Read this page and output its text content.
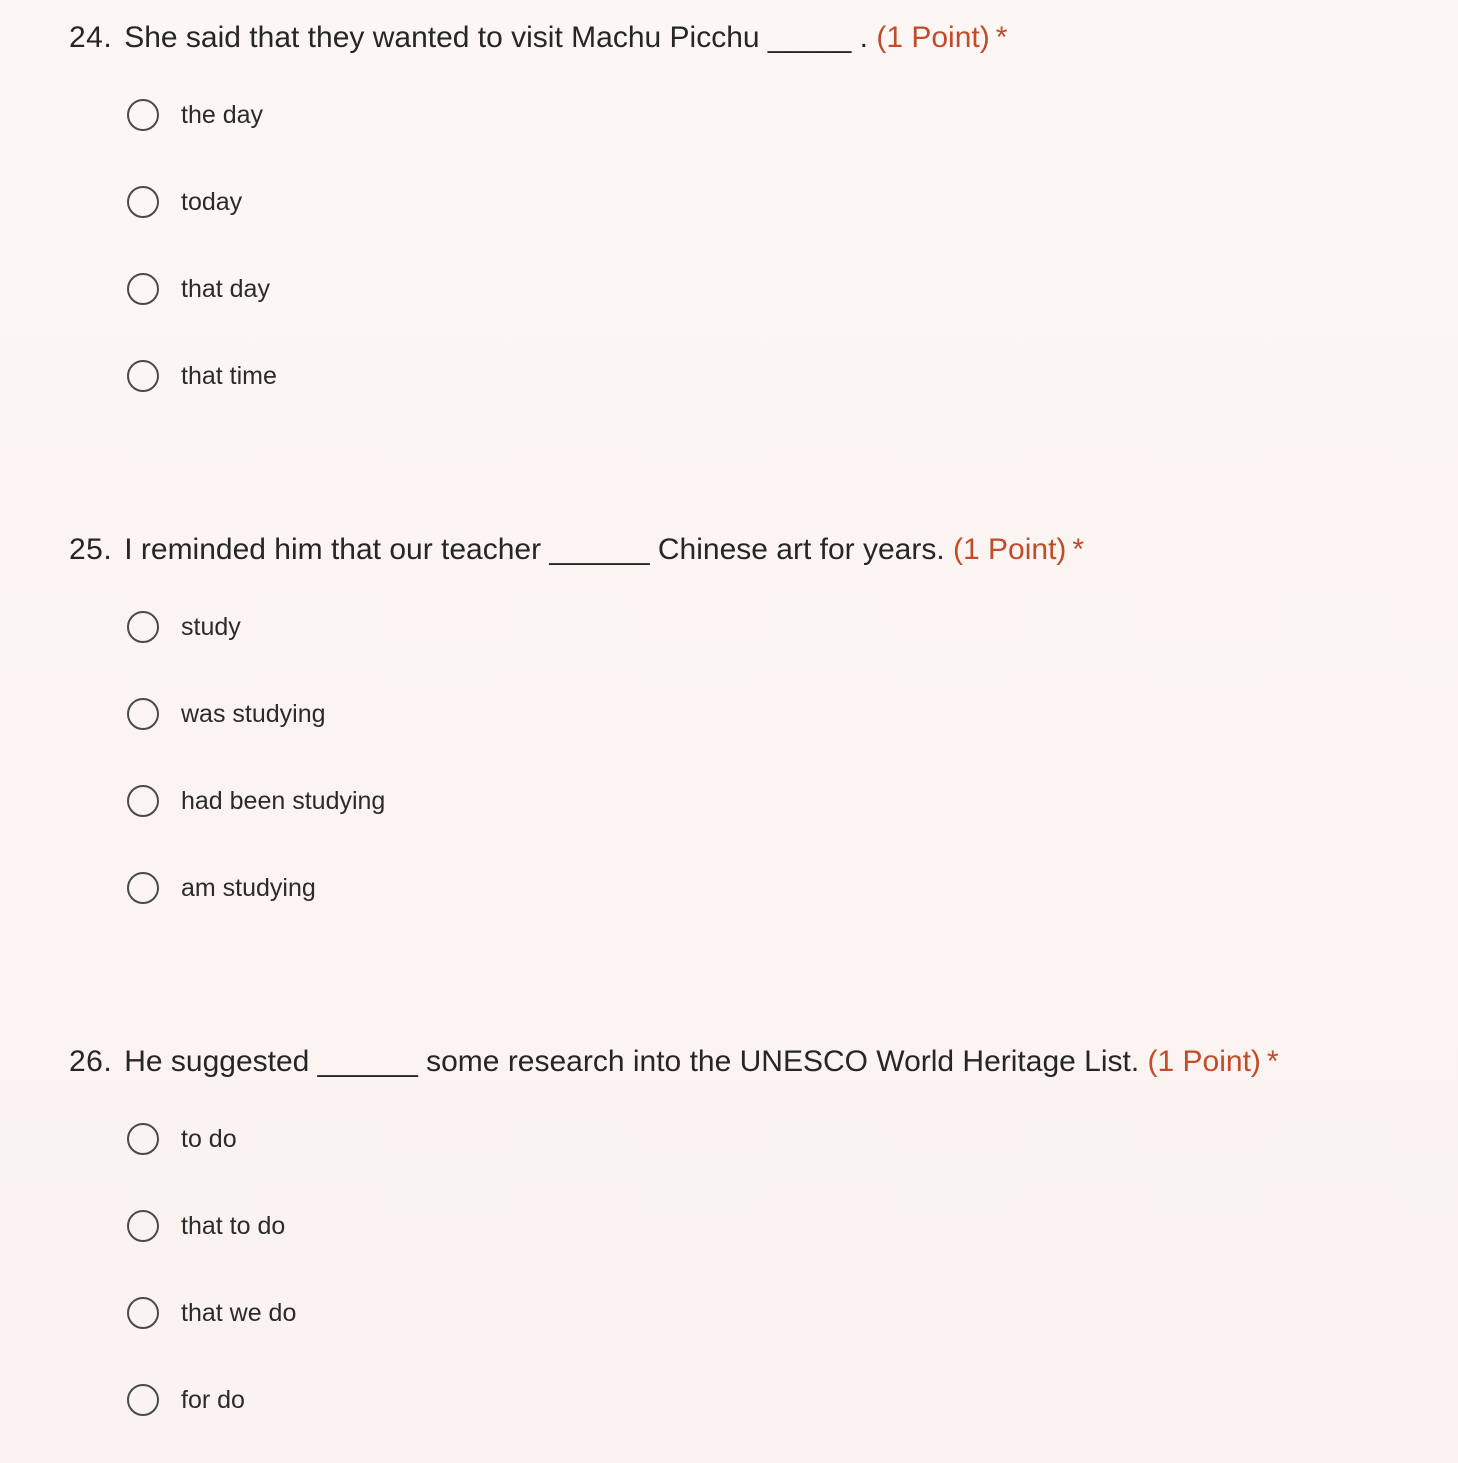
24. She said that they wanted to visit Machu Picchu _____ . (1 Point) *
the day
today
that day
that time
25. I reminded him that our teacher ______ Chinese art for years. (1 Point) *
study
was studying
had been studying
am studying
26. He suggested ______ some research into the UNESCO World Heritage List. (1 Point) *
to do
that to do
that we do
for do
